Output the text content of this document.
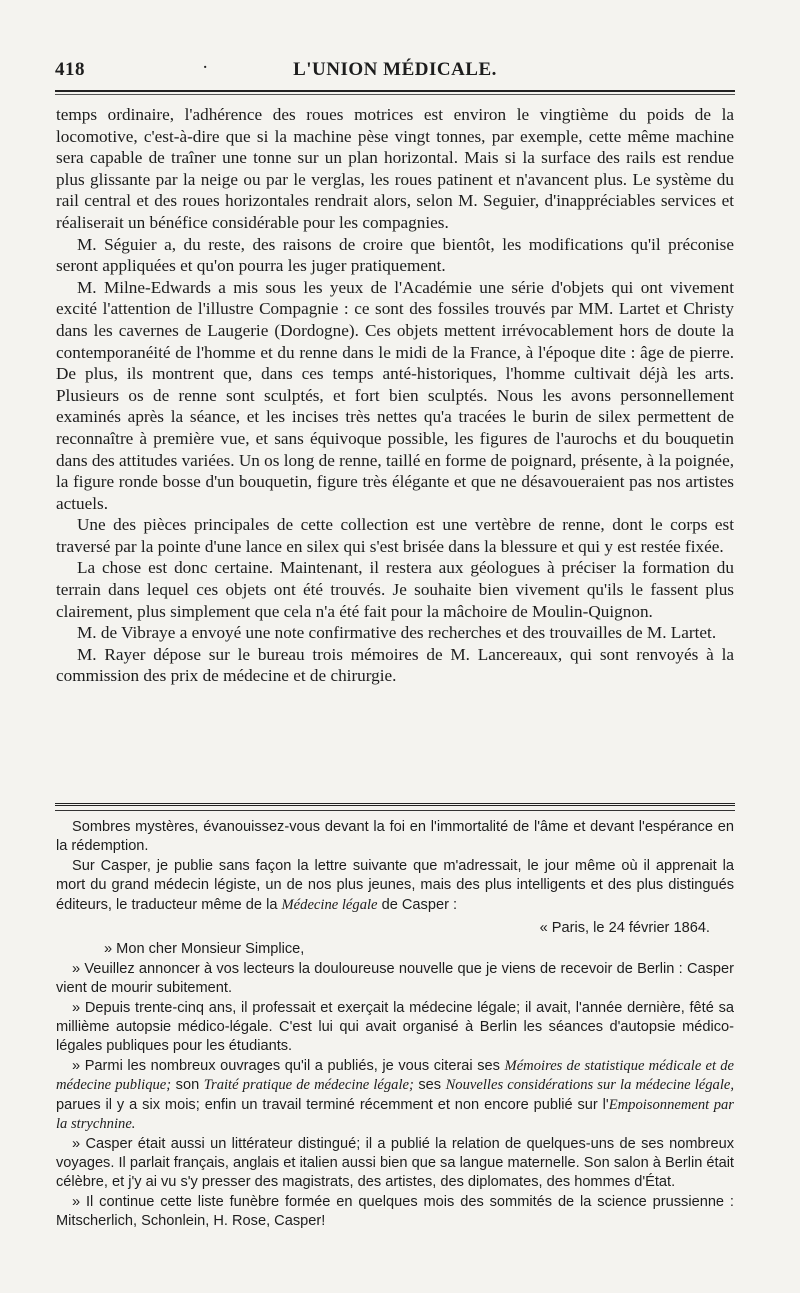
418	·	L'UNION MÉDICALE.

temps ordinaire, l'adhérence des roues motrices est environ le vingtième du poids de la locomotive, c'est-à-dire que si la machine pèse vingt tonnes, par exemple, cette même machine sera capable de traîner une tonne sur un plan horizontal. Mais si la surface des rails est rendue plus glissante par la neige ou par le verglas, les roues patinent et n'avancent plus. Le système du rail central et des roues horizontales rendrait alors, selon M. Seguier, d'inappréciables services et réaliserait un bénéfice considérable pour les compagnies.

M. Séguier a, du reste, des raisons de croire que bientôt, les modifications qu'il préconise seront appliquées et qu'on pourra les juger pratiquement.

M. Milne-Edwards a mis sous les yeux de l'Académie une série d'objets qui ont vivement excité l'attention de l'illustre Compagnie : ce sont des fossiles trouvés par MM. Lartet et Christy dans les cavernes de Laugerie (Dordogne). Ces objets mettent irrévocablement hors de doute la contemporanéité de l'homme et du renne dans le midi de la France, à l'époque dite : âge de pierre. De plus, ils montrent que, dans ces temps anté-historiques, l'homme cultivait déjà les arts. Plusieurs os de renne sont sculptés, et fort bien sculptés. Nous les avons personnellement examinés après la séance, et les incises très nettes qu'a tracées le burin de silex permettent de reconnaître à première vue, et sans équivoque possible, les figures de l'aurochs et du bouquetin dans des attitudes variées. Un os long de renne, taillé en forme de poignard, présente, à la poignée, la figure ronde bosse d'un bouquetin, figure très élégante et que ne désavoueraient pas nos artistes actuels.

Une des pièces principales de cette collection est une vertèbre de renne, dont le corps est traversé par la pointe d'une lance en silex qui s'est brisée dans la blessure et qui y est restée fixée.

La chose est donc certaine. Maintenant, il restera aux géologues à préciser la formation du terrain dans lequel ces objets ont été trouvés. Je souhaite bien vivement qu'ils le fassent plus clairement, plus simplement que cela n'a été fait pour la mâchoire de Moulin-Quignon.

M. de Vibraye a envoyé une note confirmative des recherches et des trouvailles de M. Lartet.

M. Rayer dépose sur le bureau trois mémoires de M. Lancereaux, qui sont renvoyés à la commission des prix de médecine et de chirurgie.

Sombres mystères, évanouissez-vous devant la foi en l'immortalité de l'âme et devant l'espérance en la rédemption.

Sur Casper, je publie sans façon la lettre suivante que m'adressait, le jour même où il apprenait la mort du grand médecin légiste, un de nos plus jeunes, mais des plus intelligents et des plus distingués éditeurs, le traducteur même de la Médecine légale de Casper :

« Paris, le 24 février 1864.

» Mon cher Monsieur Simplice,

» Veuillez annoncer à vos lecteurs la douloureuse nouvelle que je viens de recevoir de Berlin : Casper vient de mourir subitement.

» Depuis trente-cinq ans, il professait et exerçait la médecine légale; il avait, l'année dernière, fêté sa millième autopsie médico-légale. C'est lui qui avait organisé à Berlin les séances d'autopsie médico-légales publiques pour les étudiants.

» Parmi les nombreux ouvrages qu'il a publiés, je vous citerai ses Mémoires de statistique médicale et de médecine publique; son Traité pratique de médecine légale; ses Nouvelles considérations sur la médecine légale, parues il y a six mois; enfin un travail terminé récemment et non encore publié sur l'Empoisonnement par la strychnine.

» Casper était aussi un littérateur distingué; il a publié la relation de quelques-uns de ses nombreux voyages. Il parlait français, anglais et italien aussi bien que sa langue maternelle. Son salon à Berlin était célèbre, et j'y ai vu s'y presser des magistrats, des artistes, des diplomates, des hommes d'État.

» Il continue cette liste funèbre formée en quelques mois des sommités de la science prussienne : Mitscherlich, Schonlein, H. Rose, Casper!
